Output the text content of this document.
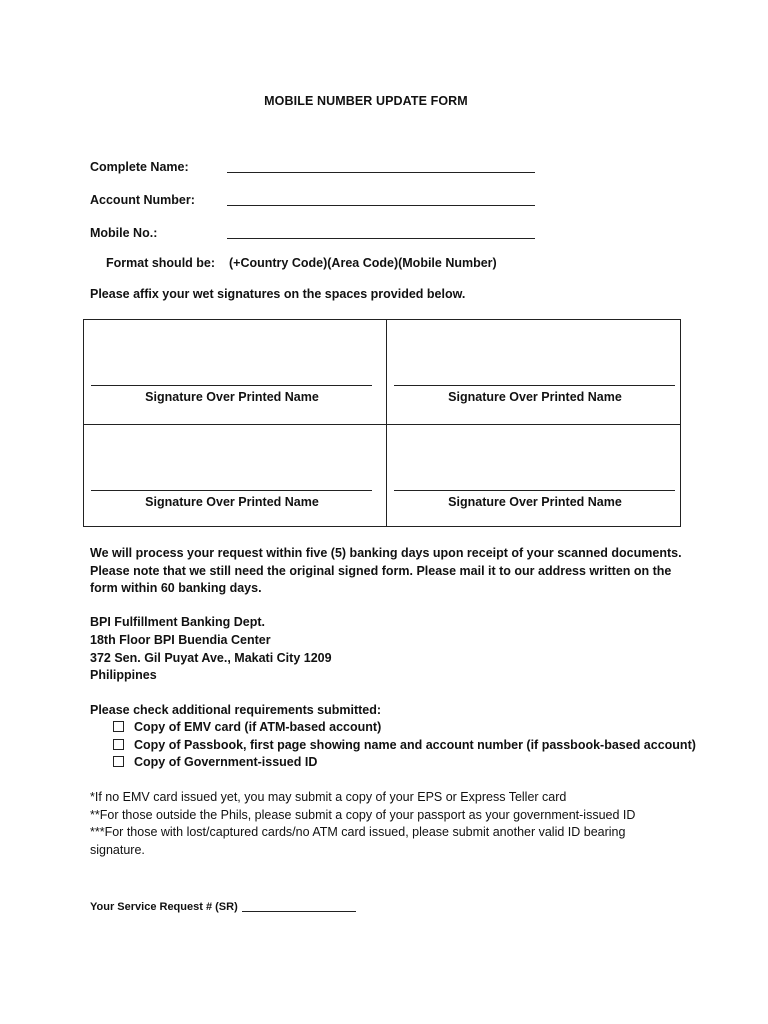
MOBILE NUMBER UPDATE FORM
Complete Name:
Account Number:
Mobile No.:
Format should be: (+Country Code)(Area Code)(Mobile Number)
Please affix your wet signatures on the spaces provided below.
Signature Over Printed Name	Signature Over Printed Name
Signature Over Printed Name	Signature Over Printed Name
We will process your request within five (5) banking days upon receipt of your scanned documents.
Please note that we still need the original signed form. Please mail it to our address written on the
form within 60 banking days.
BPI Fulfillment Banking Dept.
18th Floor BPI Buendia Center
372 Sen. Gil Puyat Ave., Makati City 1209
Philippines
Please check additional requirements submitted:
Copy of EMV card (if ATM-based account)
Copy of Passbook, first page showing name and account number (if passbook-based account)
Copy of Government-issued ID
*If no EMV card issued yet, you may submit a copy of your EPS or Express Teller card
**For those outside the Phils, please submit a copy of your passport as your government-issued ID
***For those with lost/captured cards/no ATM card issued, please submit another valid ID bearing
signature.
Your Service Request # (SR)
